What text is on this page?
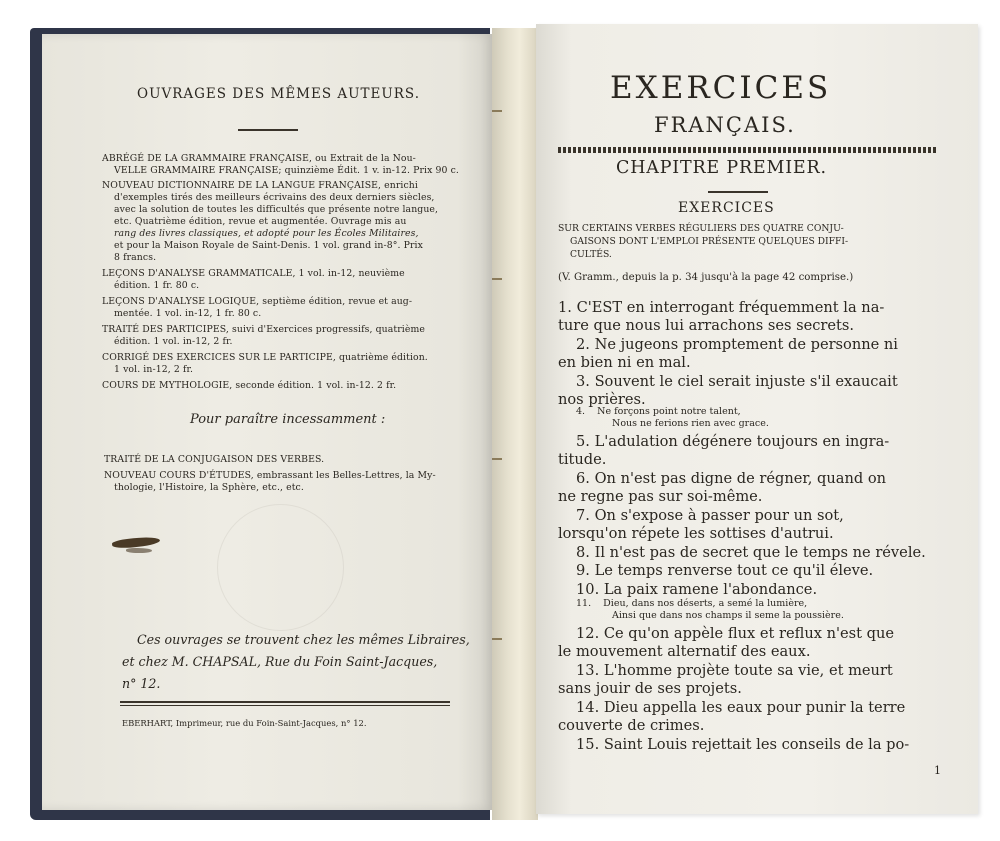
OUVRAGES DES MÊMES AUTEURS.
ABRÉGÉ DE LA GRAMMAIRE FRANÇAISE, ou Extrait de la Nou-
VELLE GRAMMAIRE FRANÇAISE; quinzième Édit. 1 v. in-12. Prix 90 c.
NOUVEAU DICTIONNAIRE DE LA LANGUE FRANÇAISE, enrichi
d'exemples tirés des meilleurs écrivains des deux derniers siècles,
avec la solution de toutes les difficultés que présente notre langue,
etc. Quatrième édition, revue et augmentée. Ouvrage mis au
rang des livres classiques, et adopté pour les Écoles Militaires,
et pour la Maison Royale de Saint-Denis. 1 vol. grand in-8°. Prix
8 francs.
LEÇONS D'ANALYSE GRAMMATICALE, 1 vol. in-12, neuvième
édition. 1 fr. 80 c.
LEÇONS D'ANALYSE LOGIQUE, septième édition, revue et aug-
mentée. 1 vol. in-12, 1 fr. 80 c.
TRAITÉ DES PARTICIPES, suivi d'Exercices progressifs, quatrième
édition. 1 vol. in-12, 2 fr.
CORRIGÉ DES EXERCICES SUR LE PARTICIPE, quatrième édition.
1 vol. in-12, 2 fr.
COURS DE MYTHOLOGIE, seconde édition. 1 vol. in-12. 2 fr.
Pour paraître incessamment :
TRAITÉ DE LA CONJUGAISON DES VERBES.
NOUVEAU COURS D'ÉTUDES, embrassant les Belles-Lettres, la My-
thologie, l'Histoire, la Sphère, etc., etc.
Ces ouvrages se trouvent chez les mêmes Libraires,
et chez M. CHAPSAL, Rue du Foin Saint-Jacques,
n° 12.
EBERHART, Imprimeur, rue du Foin-Saint-Jacques, n° 12.
EXERCICES
FRANÇAIS.
CHAPITRE PREMIER.
EXERCICES
SUR CERTAINS VERBES RÉGULIERS DES QUATRE CONJU-
GAISONS DONT L'EMPLOI PRÉSENTE QUELQUES DIFFI-
CULTÉS.
(V. Gramm., depuis la p. 34 jusqu'à la page 42 comprise.)
1. C'EST en interrogant fréquemment la na-
ture que nous lui arrachons ses secrets.
2. Ne jugeons promptement de personne ni
en bien ni en mal.
3. Souvent le ciel serait injuste s'il exaucait
nos prières.
4.    Ne forçons point notre talent,
Nous ne ferions rien avec grace.
5. L'adulation dégénere toujours en ingra-
titude.
6. On n'est pas digne de régner, quand on
ne regne pas sur soi-même.
7. On s'expose à passer pour un sot,
lorsqu'on répete les sottises d'autrui.
8. Il n'est pas de secret que le temps ne révele.
9. Le temps renverse tout ce qu'il éleve.
10. La paix ramene l'abondance.
11.    Dieu, dans nos déserts, a semé la lumière,
Ainsi que dans nos champs il seme la poussière.
12. Ce qu'on appèle flux et reflux n'est que
le mouvement alternatif des eaux.
13. L'homme projète toute sa vie, et meurt
sans jouir de ses projets.
14. Dieu appella les eaux pour punir la terre
couverte de crimes.
15. Saint Louis rejettait les conseils de la po-
1
